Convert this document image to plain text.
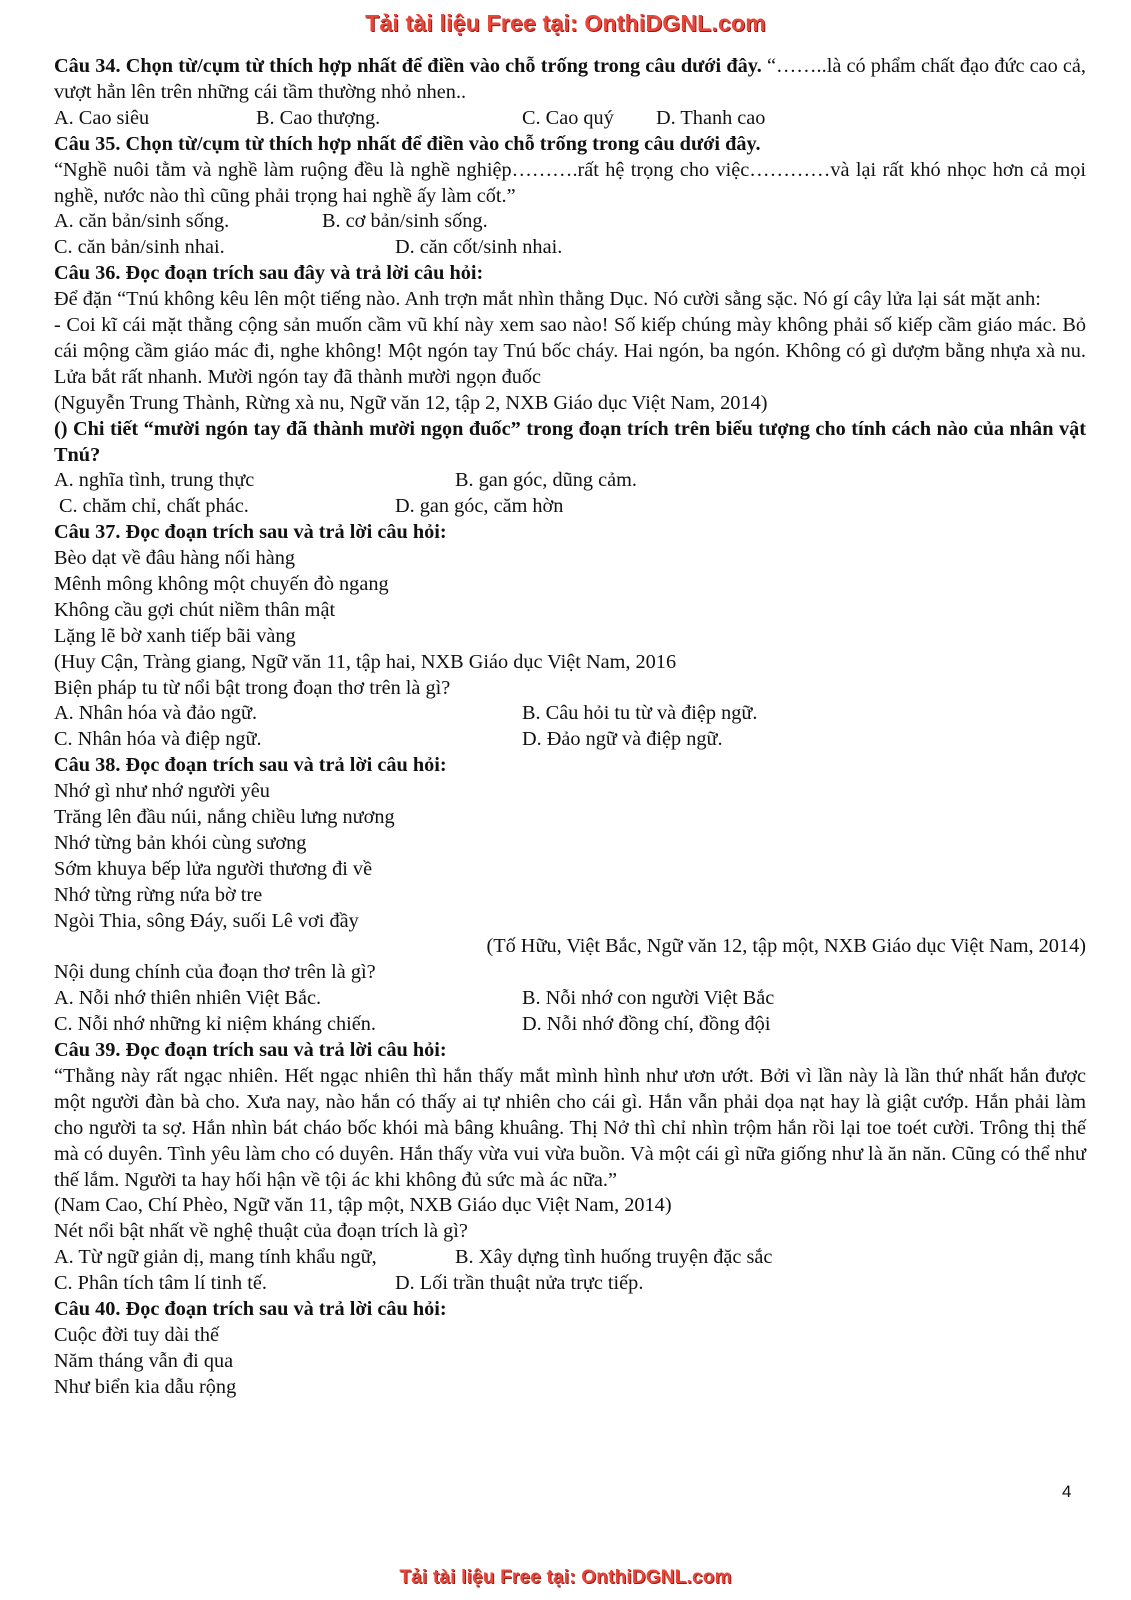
Tải tài liệu Free tại: OnthiDGNL.com
Câu 34. Chọn từ/cụm từ thích hợp nhất để điền vào chỗ trống trong câu dưới đây. “……..là có phẩm chất đạo đức cao cả, vượt hẳn lên trên những cái tầm thường nhỏ nhen..
A. Cao siêu	B. Cao thượng.	C. Cao quý D. Thanh cao
Câu 35. Chọn từ/cụm từ thích hợp nhất để điền vào chỗ trống trong câu dưới đây.
“Nghề nuôi tằm và nghề làm ruộng đều là nghề nghiệp……….rất hệ trọng cho việc…………và lại rất khó nhọc hơn cả mọi nghề, nước nào thì cũng phải trọng hai nghề ấy làm cốt.”
A. căn bản/sinh sống.	B. cơ bản/sinh sống.
C. căn bản/sinh nhai.	D. căn cốt/sinh nhai.
Câu 36. Đọc đoạn trích sau đây và trả lời câu hỏi:
Để đặn “Tnú không kêu lên một tiếng nào. Anh trợn mắt nhìn thằng Dục. Nó cười sằng sặc. Nó gí cây lửa lại sát mặt anh:
- Coi kĩ cái mặt thằng cộng sản muốn cầm vũ khí này xem sao nào! Số kiếp chúng mày không phải số kiếp cầm giáo mác. Bỏ cái mộng cầm giáo mác đi, nghe không! Một ngón tay Tnú bốc cháy. Hai ngón, ba ngón. Không có gì dượm bằng nhựa xà nu. Lửa bắt rất nhanh. Mười ngón tay đã thành mười ngọn đuốc
(Nguyễn Trung Thành, Rừng xà nu, Ngữ văn 12, tập 2, NXB Giáo dục Việt Nam, 2014)
() Chi tiết “mười ngón tay đã thành mười ngọn đuốc” trong đoạn trích trên biểu tượng cho tính cách nào của nhân vật Tnú?
A. nghĩa tình, trung thực	B. gan góc, dũng cảm.
C. chăm chỉ, chất phác.	D. gan góc, căm hờn
Câu 37. Đọc đoạn trích sau và trả lời câu hỏi:
Bèo dạt về đâu hàng nối hàng
Mênh mông không một chuyến đò ngang
Không cầu gợi chút niềm thân mật
Lặng lẽ bờ xanh tiếp bãi vàng
(Huy Cận, Tràng giang, Ngữ văn 11, tập hai, NXB Giáo dục Việt Nam, 2016
Biện pháp tu từ nổi bật trong đoạn thơ trên là gì?
A. Nhân hóa và đảo ngữ.	B. Câu hỏi tu từ và điệp ngữ.
C. Nhân hóa và điệp ngữ.	D. Đảo ngữ và điệp ngữ.
Câu 38. Đọc đoạn trích sau và trả lời câu hỏi:
Nhớ gì như nhớ người yêu
Trăng lên đầu núi, nắng chiều lưng nương
Nhớ từng bản khói cùng sương
Sớm khuya bếp lửa người thương đi về
Nhớ từng rừng nứa bờ tre
Ngòi Thia, sông Đáy, suối Lê vơi đầy
(Tố Hữu, Việt Bắc, Ngữ văn 12, tập một, NXB Giáo dục Việt Nam, 2014)
Nội dung chính của đoạn thơ trên là gì?
A. Nỗi nhớ thiên nhiên Việt Bắc.	B. Nỗi nhớ con người Việt Bắc
C. Nỗi nhớ những kỉ niệm kháng chiến.	D. Nỗi nhớ đồng chí, đồng đội
Câu 39. Đọc đoạn trích sau và trả lời câu hỏi:
“Thằng này rất ngạc nhiên. Hết ngạc nhiên thì hắn thấy mắt mình hình như ươn ướt. Bởi vì lần này là lần thứ nhất hắn được một người đàn bà cho. Xưa nay, nào hắn có thấy ai tự nhiên cho cái gì. Hắn vẫn phải dọa nạt hay là giật cướp. Hắn phải làm cho người ta sợ. Hắn nhìn bát cháo bốc khói mà bâng khuâng. Thị Nở thì chỉ nhìn trộm hắn rồi lại toe toét cười. Trông thị thế mà có duyên. Tình yêu làm cho có duyên. Hắn thấy vừa vui vừa buồn. Và một cái gì nữa giống như là ăn năn. Cũng có thể như thế lắm. Người ta hay hối hận về tội ác khi không đủ sức mà ác nữa.”
(Nam Cao, Chí Phèo, Ngữ văn 11, tập một, NXB Giáo dục Việt Nam, 2014)
Nét nổi bật nhất về nghệ thuật của đoạn trích là gì?
A. Từ ngữ giản dị, mang tính khẩu ngữ,	B. Xây dựng tình huống truyện đặc sắc
C. Phân tích tâm lí tinh tế.	D. Lối trần thuật nửa trực tiếp.
Câu 40. Đọc đoạn trích sau và trả lời câu hỏi:
Cuộc đời tuy dài thế
Năm tháng vẫn đi qua
Như biển kia dẫu rộng
4
Tải tài liệu Free tại: OnthiDGNL.com
